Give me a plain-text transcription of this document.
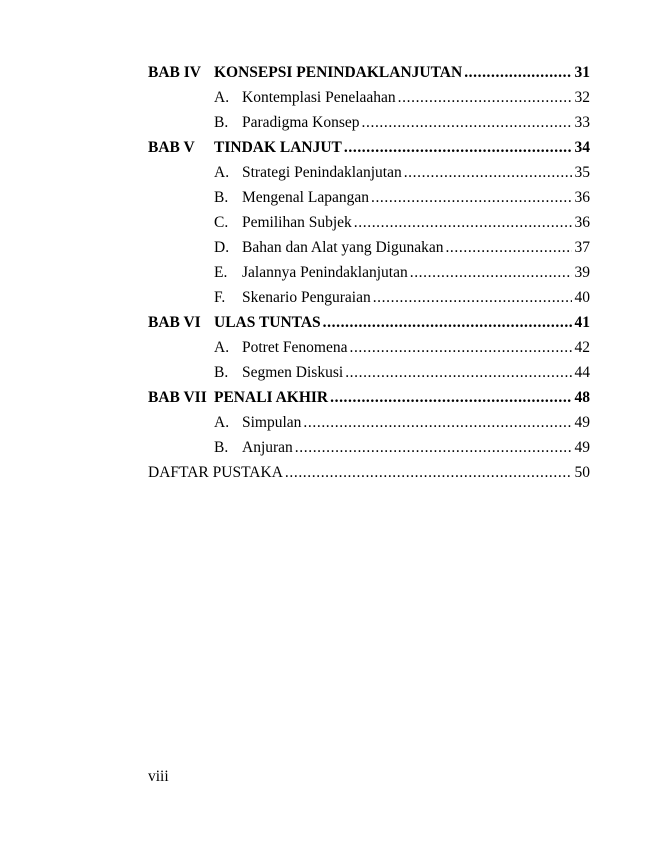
BAB IV KONSEPSI PENINDAKLANJUTAN .....	31
A. Kontemplasi Penelaahan .....	32
B. Paradigma Konsep .....	33
BAB V	TINDAK LANJUT .....	34
A. Strategi Penindaklanjutan .....	35
B. Mengenal Lapangan .....	36
C. Pemilihan Subjek .....	36
D. Bahan dan Alat yang Digunakan .....	37
E. Jalannya Penindaklanjutan .....	39
F.	Skenario Penguraian .....	40
BAB VI ULAS TUNTAS .....	41
A. Potret Fenomena .....	42
B. Segmen Diskusi .....	44
BAB VII PENALI AKHIR .....	48
A. Simpulan .....	49
B. Anjuran .....	49
DAFTAR PUSTAKA .....	50
viii
